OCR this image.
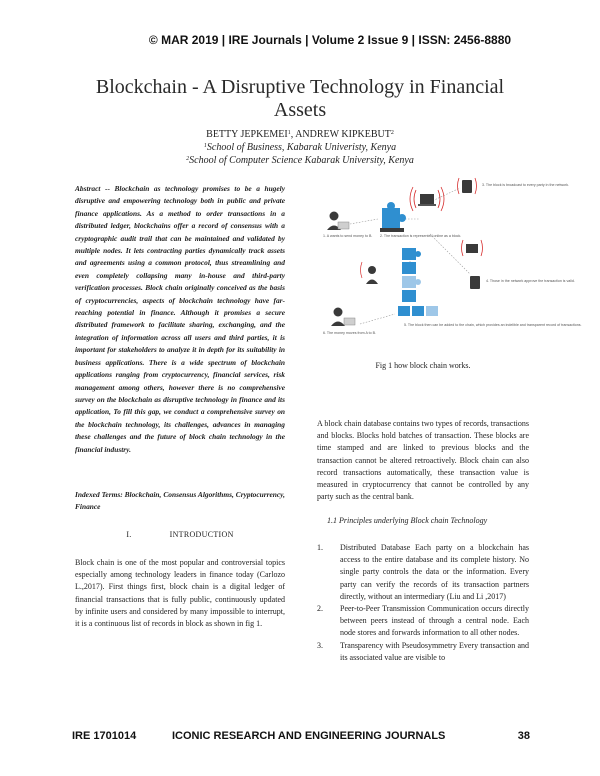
© MAR 2019 | IRE Journals | Volume 2 Issue 9 | ISSN: 2456-8880
Blockchain - A Disruptive Technology in Financial Assets
BETTY JEPKEMEI$^1$, ANDREW KIPKEBUT$^2$
$^1$School of Business, Kabarak Univeristy, Kenya
$^2$School of Computer Science Kabarak University, Kenya
Abstract -- Blockchain as technology promises to be a hugely disruptive and empowering technology both in public and private finance applications. As a method to order transactions in a distributed ledger, blockchains offer a record of consensus with a cryptographic audit trail that can be maintained and validated by multiple nodes. It lets contracting parties dynamically track assets and agreements using a common protocol, thus streamlining and even completely collapsing many in-house and third-party verification processes. Block chain originally conceived as the basis of cryptocurrencies, aspects of blockchain technology have far-reaching potential in finance. Although it promises a secure distributed framework to facilitate sharing, exchanging, and the integration of information across all users and third parties, it is important for stakeholders to analyze it in depth for its suitability in business applications. There is a wide spectrum of blockchain applications ranging from cryptocurrency, financial services, risk management among others, however there is no comprehensive survey on the blockchain as disruptive technology in finance and its application, To fill this gap, we conduct a comprehensive survey on the blockchain technology, its challenges, advances in managing these challenges and the future of block chain technology in the financial industry.
Indexed Terms: Blockchain, Consensus Algorithms, Cryptocurrency, Finance
I.	INTRODUCTION
Block chain is one of the most popular and controversial topics especially among technology leaders in finance today (Carlozo L.,2017). First things first, block chain is a digital ledger of financial transactions that is fully public, continuously updated by infinite users and considered by many impossible to interrupt, it is a continuous list of records in block as shown in fig 1.
1. A wants to send money to B. 2. The transaction is represented online as a block.
3. The block is broadcast to every party in the network.
4. Those in the network approve the transaction is valid.
5. The block then can be added to the chain, which provides an indelible and transparent record of transactions.
6. The money moves from A to B.
Fig 1 how block chain works.
A block chain database contains two types of records, transactions and blocks. Blocks hold batches of transaction. These blocks are time stamped and are linked to previous blocks and the transaction cannot be altered retroactively. Block chain can also record transactions automatically, these transaction value is measured in cryptocurrency that cannot be controlled by any party such as the central bank.
1.1 Principles underlying Block chain Technology
1. Distributed Database Each party on a blockchain has access to the entire database and its complete history. No single party controls the data or the information. Every party can verify the records of its transaction partners directly, without an intermediary (Liu and Li ,2017)
2. Peer-to-Peer Transmission Communication occurs directly between peers instead of through a central node. Each node stores and forwards information to all other nodes.
3. Transparency with Pseudosymmetry Every transaction and its associated value are visible to
IRE 1701014	ICONIC RESEARCH AND ENGINEERING JOURNALS	38
